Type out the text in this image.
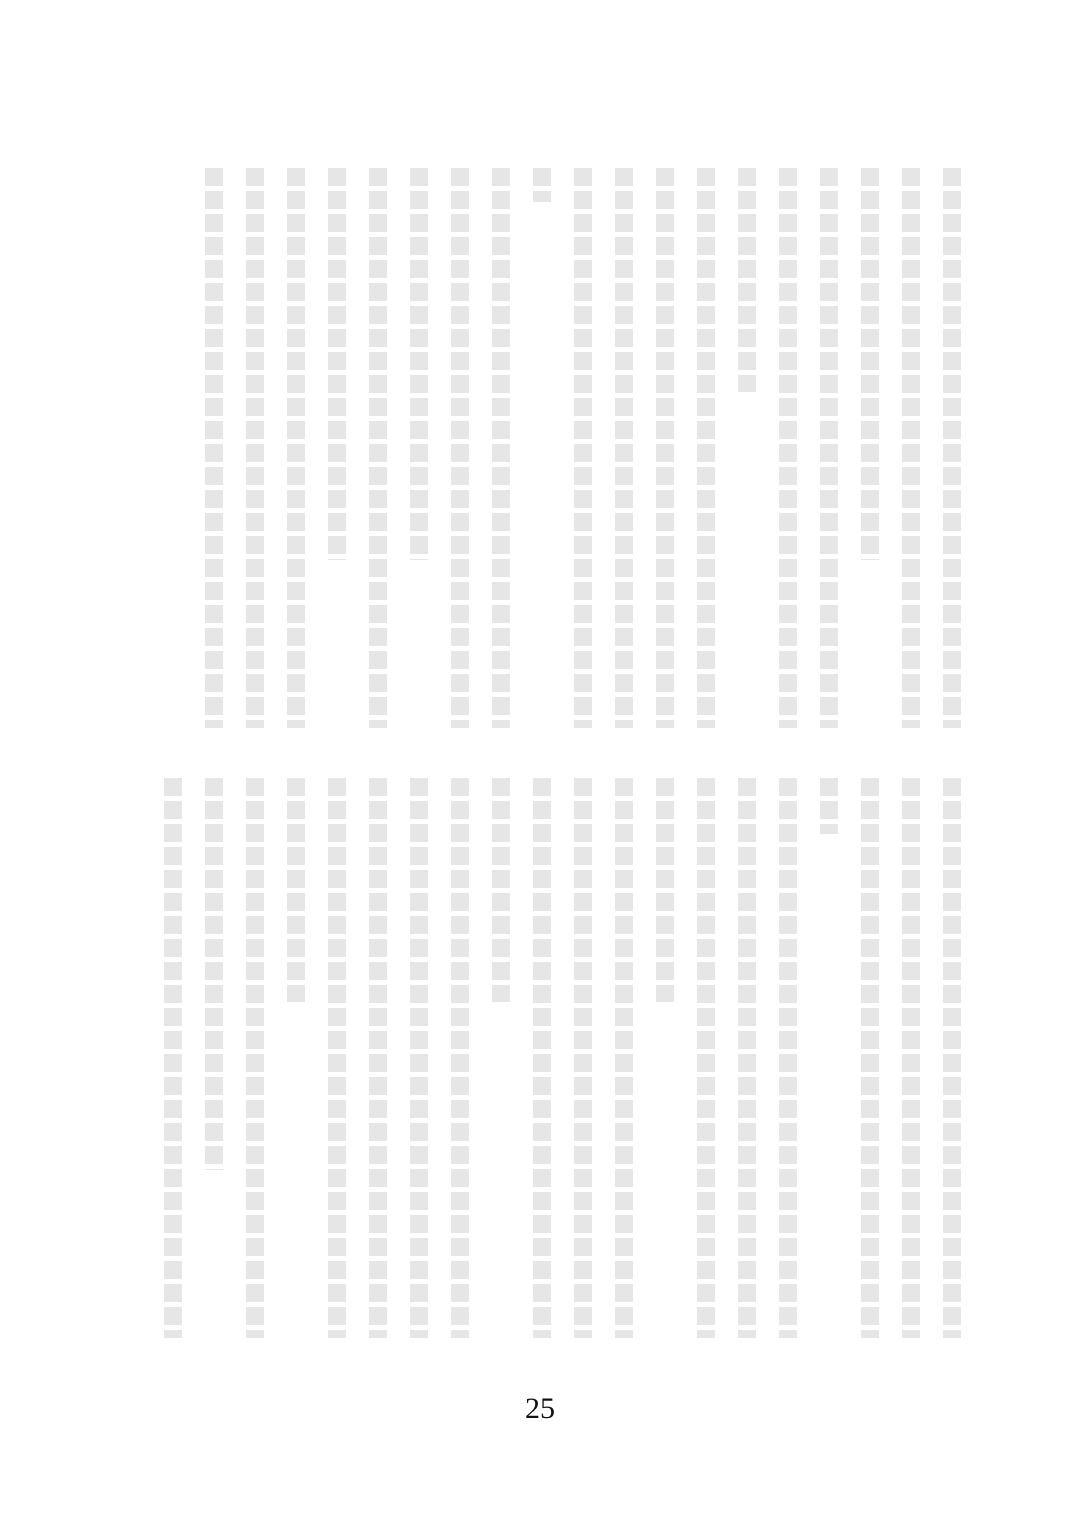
25
